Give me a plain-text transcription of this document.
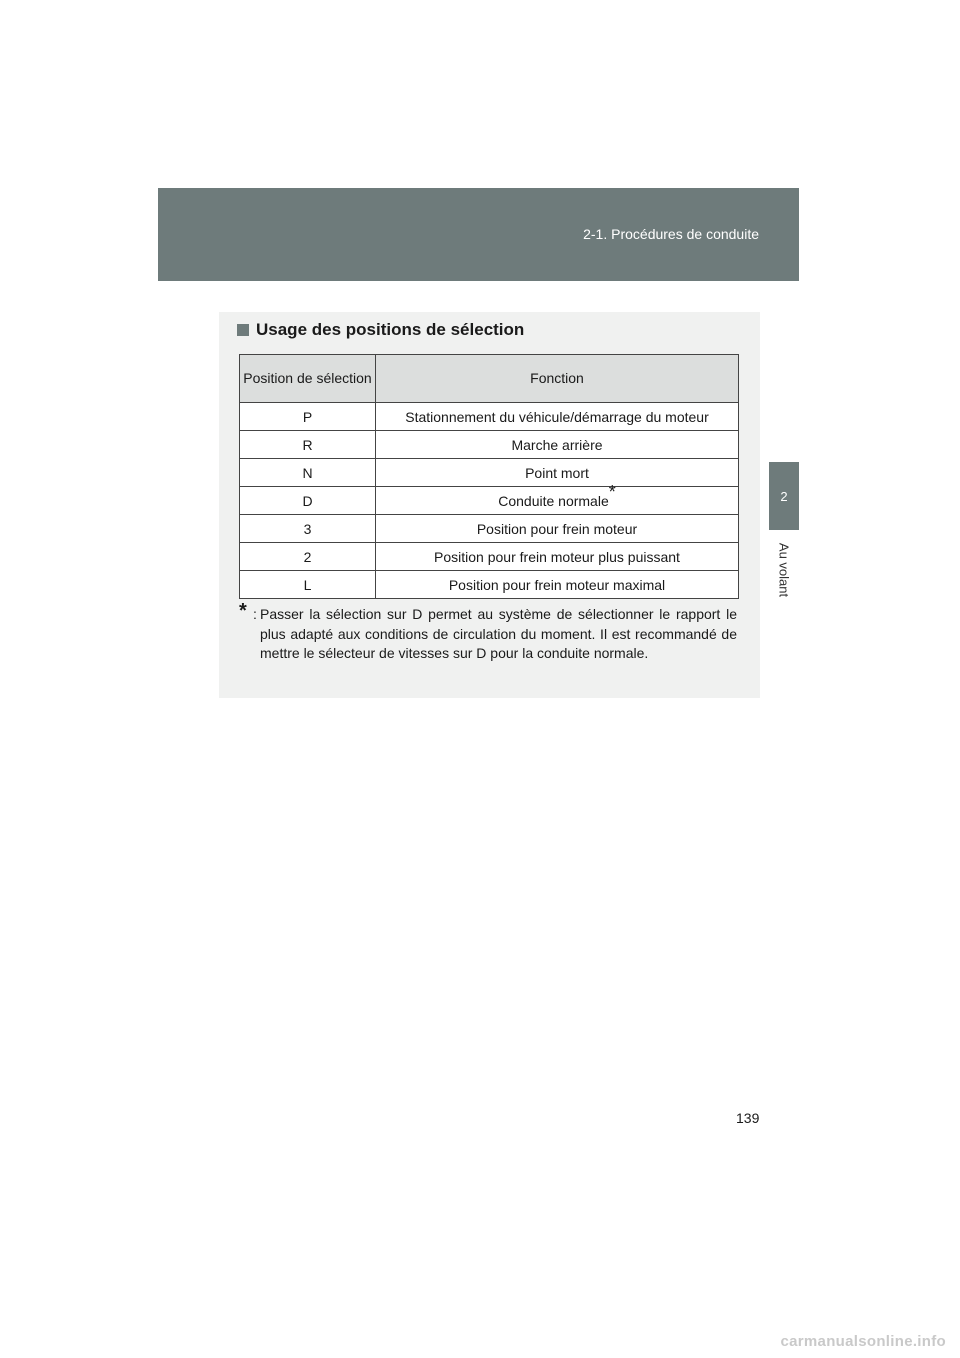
2-1. Procédures de conduite
2
Au volant
Usage des positions de sélection
Position de sélection	Fonction
P	Stationnement du véhicule/démarrage du moteur
R	Marche arrière
N	Point mort
D	Conduite normale*
3	Position pour frein moteur
2	Position pour frein moteur plus puissant
L	Position pour frein moteur maximal
* : Passer la sélection sur D permet au système de sélectionner le rapport le plus adapté aux conditions de circulation du moment. Il est recommandé de mettre le sélecteur de vitesses sur D pour la conduite normale.
139
carmanualsonline.info
